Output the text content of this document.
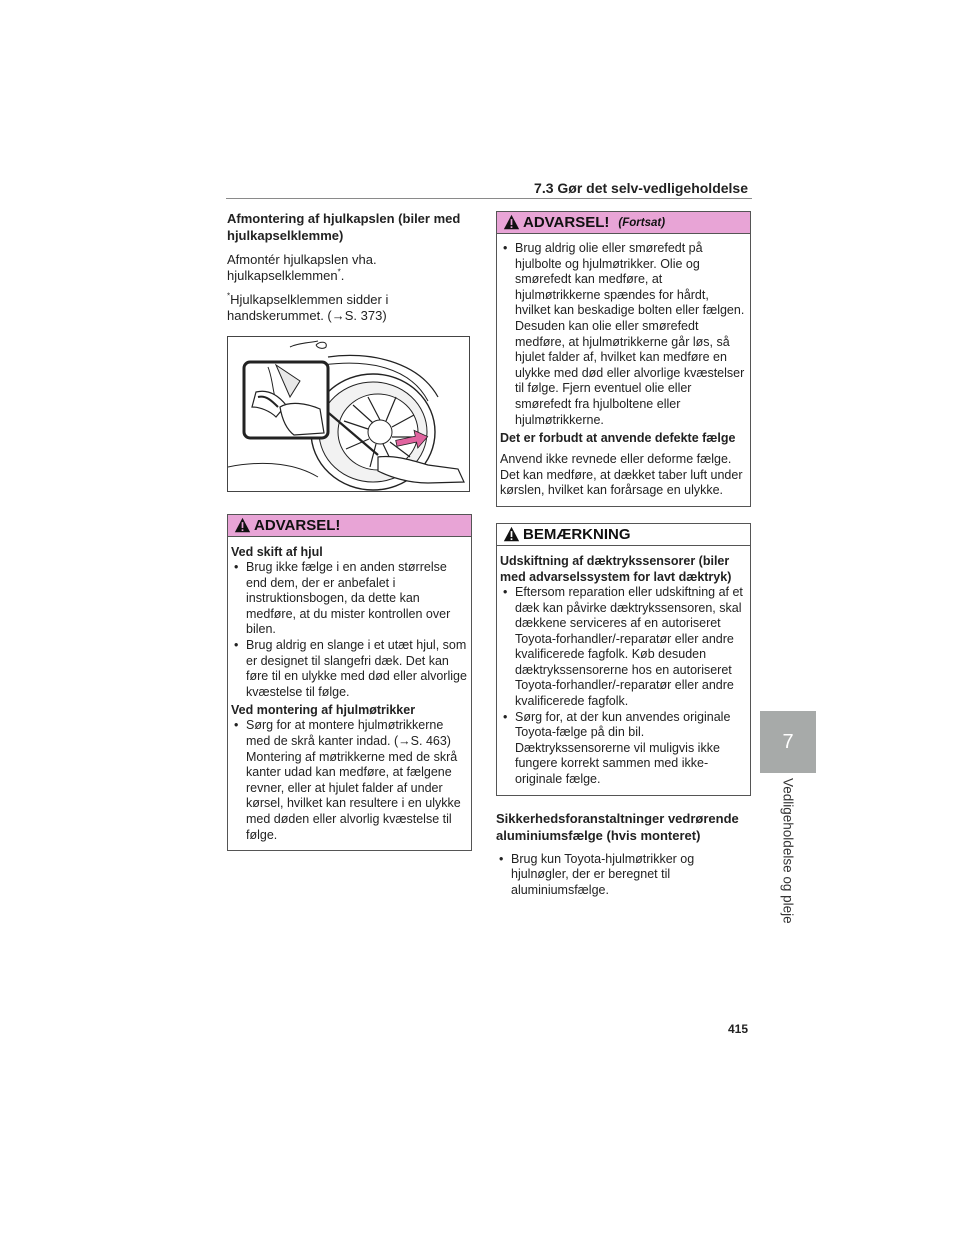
7.3 Gør det selv-vedligeholdelse
7
Vedligeholdelse og pleje
Afmontering af hjulkapslen (biler med hjulkapselklemme)
Afmontér hjulkapslen vha. hjulkapselklemmen*.
*Hjulkapselklemmen sidder i handskerummet. (→S. 373)
ADVARSEL!
Ved skift af hjul
• Brug ikke fælge i en anden størrelse end dem, der er anbefalet i instruktionsbogen, da dette kan medføre, at du mister kontrollen over bilen.
• Brug aldrig en slange i et utæt hjul, som er designet til slangefri dæk. Det kan føre til en ulykke med død eller alvorlige kvæstelse til følge.
Ved montering af hjulmøtrikker
• Sørg for at montere hjulmøtrikkerne med de skrå kanter indad. (→S. 463) Montering af møtrikkerne med de skrå kanter udad kan medføre, at fælgene revner, eller at hjulet falder af under kørsel, hvilket kan resultere i en ulykke med døden eller alvorlig kvæstelse til følge.
ADVARSEL! (Fortsat)
• Brug aldrig olie eller smørefedt på hjulbolte og hjulmøtrikker. Olie og smørefedt kan medføre, at hjulmøtrikkerne spændes for hårdt, hvilket kan beskadige bolten eller fælgen. Desuden kan olie eller smørefedt medføre, at hjulmøtrikkerne går løs, så hjulet falder af, hvilket kan medføre en ulykke med død eller alvorlige kvæstelser til følge. Fjern eventuel olie eller smørefedt fra hjulboltene eller hjulmøtrikkerne.
Det er forbudt at anvende defekte fælge
Anvend ikke revnede eller deforme fælge. Det kan medføre, at dækket taber luft under kørslen, hvilket kan forårsage en ulykke.
BEMÆRKNING
Udskiftning af dæktrykssensorer (biler med advarselssystem for lavt dæktryk)
• Eftersom reparation eller udskiftning af et dæk kan påvirke dæktrykssensoren, skal dækkene serviceres af en autoriseret Toyota-forhandler/-reparatør eller andre kvalificerede fagfolk. Køb desuden dæktrykssensorerne hos en autoriseret Toyota-forhandler/-reparatør eller andre kvalificerede fagfolk.
• Sørg for, at der kun anvendes originale Toyota-fælge på din bil. Dæktrykssensorerne vil muligvis ikke fungere korrekt sammen med ikke-originale fælge.
Sikkerhedsforanstaltninger vedrørende aluminiumsfælge (hvis monteret)
• Brug kun Toyota-hjulmøtrikker og hjulnøgler, der er beregnet til aluminiumsfælge.
415
